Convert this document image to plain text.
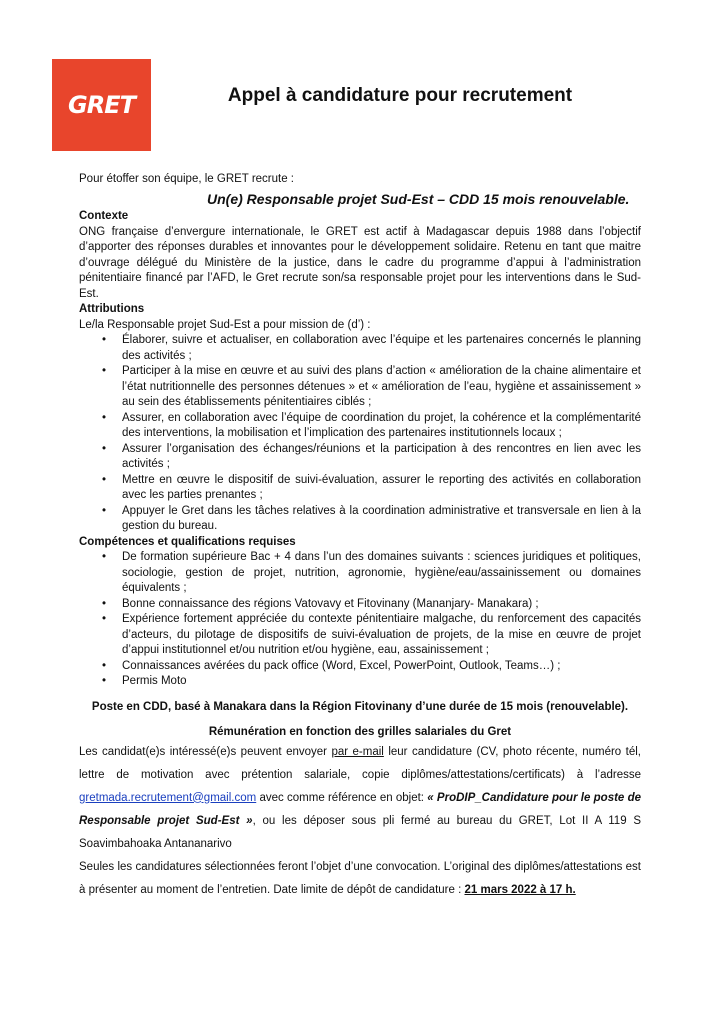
GRET	Appel à candidature pour recrutement

Pour étoffer son équipe, le GRET recrute :

Un(e) Responsable projet Sud-Est – CDD 15 mois renouvelable.

Contexte

ONG française d’envergure internationale, le GRET est actif à Madagascar depuis 1988 dans l’objectif d’apporter des réponses durables et innovantes pour le développement solidaire. Retenu en tant que maitre d’ouvrage délégué du Ministère de la justice, dans le cadre du programme d’appui à l’administration pénitentiaire financé par l’AFD, le Gret recrute son/sa responsable projet pour les interventions dans le Sud-Est.

Attributions

Le/la Responsable projet Sud-Est a pour mission de (d’) :

• Élaborer, suivre et actualiser, en collaboration avec l’équipe et les partenaires concernés le planning des activités ;
• Participer à la mise en œuvre et au suivi des plans d’action « amélioration de la chaine alimentaire et l’état nutritionnelle des personnes détenues » et « amélioration de l’eau, hygiène et assainissement » au sein des établissements pénitentiaires ciblés ;
• Assurer, en collaboration avec l’équipe de coordination du projet, la cohérence et la complémentarité des interventions, la mobilisation et l’implication des partenaires institutionnels locaux ;
• Assurer l’organisation des échanges/réunions et la participation à des rencontres en lien avec les activités ;
• Mettre en œuvre le dispositif de suivi-évaluation, assurer le reporting des activités en collaboration avec les parties prenantes ;
• Appuyer le Gret dans les tâches relatives à la coordination administrative et transversale en lien à la gestion du bureau.

Compétences et qualifications requises

• De formation supérieure Bac + 4 dans l’un des domaines suivants : sciences juridiques et politiques, sociologie, gestion de projet, nutrition, agronomie, hygiène/eau/assainissement ou domaines équivalents ;
• Bonne connaissance des régions Vatovavy et Fitovinany (Mananjary- Manakara) ;
• Expérience fortement appréciée du contexte pénitentiaire malgache, du renforcement des capacités d’acteurs, du pilotage de dispositifs de suivi-évaluation de projets, de la mise en œuvre de projet d’appui institutionnel et/ou nutrition et/ou hygiène, eau, assainissement ;
• Connaissances avérées du pack office (Word, Excel, PowerPoint, Outlook, Teams…) ;
• Permis Moto

Poste en CDD, basé à Manakara dans la Région Fitovinany d’une durée de 15 mois (renouvelable).

Rémunération en fonction des grilles salariales du Gret

Les candidat(e)s intéressé(e)s peuvent envoyer par e-mail leur candidature (CV, photo récente, numéro tél, lettre de motivation avec prétention salariale, copie diplômes/attestations/certificats) à l’adresse gretmada.recrutement@gmail.com avec comme référence en objet: « ProDIP_Candidature pour le poste de Responsable projet Sud-Est », ou les déposer sous pli fermé au bureau du GRET, Lot II A 119 S Soavimbahoaka Antananarivo

Seules les candidatures sélectionnées feront l’objet d’une convocation. L’original des diplômes/attestations est à présenter au moment de l’entretien. Date limite de dépôt de candidature : 21 mars 2022 à 17 h.
